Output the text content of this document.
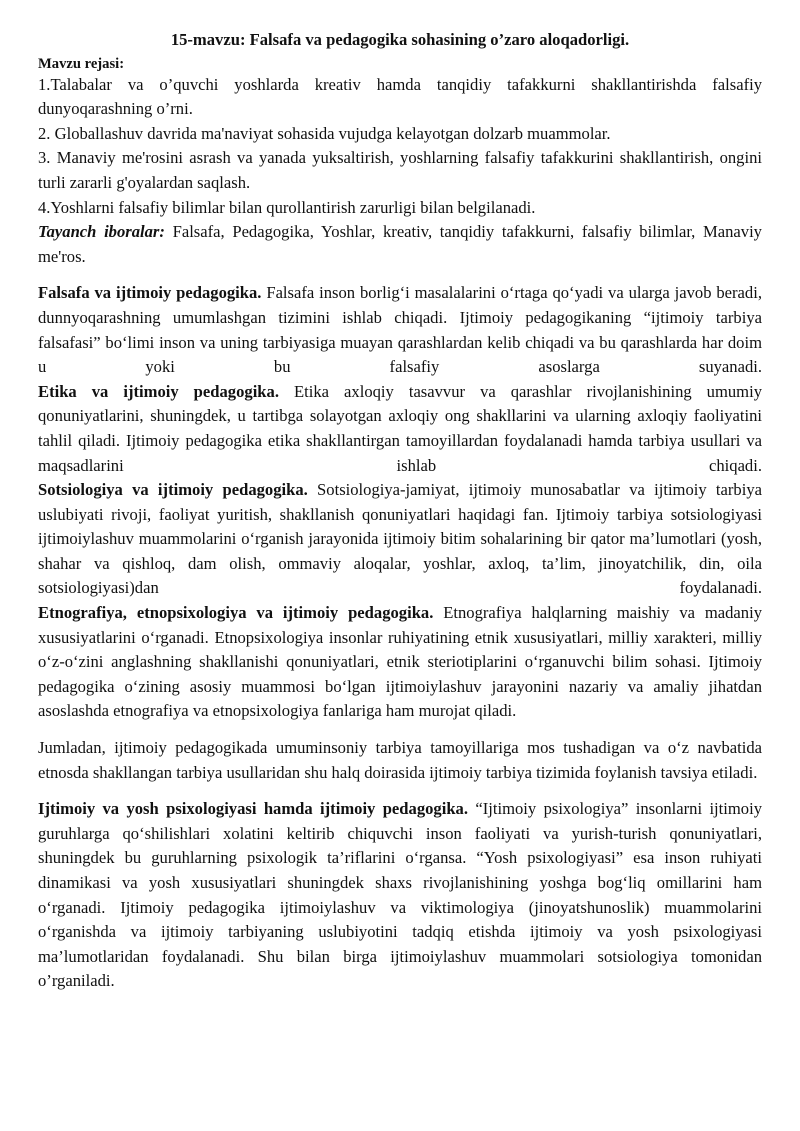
15-mavzu: Falsafa va pedagogika sohasining o’zaro aloqadorligi.

Mavzu rejasi:

1.Talabalar va o’quvchi yoshlarda kreativ hamda tanqidiy tafakkurni shakllantirishda falsafiy dunyoqarashning o’rni.

2. Globallashuv davrida ma'naviyat sohasida vujudga kelayotgan dolzarb muammolar.

3. Manaviy me'rosini asrash va yanada yuksaltirish, yoshlarning falsafiy tafakkurini shakllantirish, ongini turli zararli g'oyalardan saqlash.

4.Yoshlarni falsafiy bilimlar bilan qurollantirish zarurligi bilan belgilanadi.

Tayanch iboralar: Falsafa, Pedagogika, Yoshlar, kreativ, tanqidiy tafakkurni, falsafiy bilimlar, Manaviy me'ros.

Falsafa va ijtimoiy pedagogika. Falsafa inson borlig‘i masalalarini o‘rtaga qo‘yadi va ularga javob beradi, dunnyoqarashning umumlashgan tizimini ishlab chiqadi. Ijtimoiy pedagogikaning “ijtimoiy tarbiya falsafasi” bo‘limi inson va uning tarbiyasiga muayan qarashlardan kelib chiqadi va bu qarashlarda har doim u yoki bu falsafiy asoslarga suyanadi.

Etika va ijtimoiy pedagogika. Etika axloqiy tasavvur va qarashlar rivojlanishining umumiy qonuniyatlarini, shuningdek, u tartibga solayotgan axloqiy ong shakllarini va ularning axloqiy faoliyatini tahlil qiladi. Ijtimoiy pedagogika etika shakllantirgan tamoyillardan foydalanadi hamda tarbiya usullari va maqsadlarini ishlab chiqadi.

Sotsiologiya va ijtimoiy pedagogika. Sotsiologiya-jamiyat, ijtimoiy munosabatlar va ijtimoiy tarbiya uslubiyati rivoji, faoliyat yuritish, shakllanish qonuniyatlari haqidagi fan. Ijtimoiy tarbiya sotsiologiyasi ijtimoiylashuv muammolarini o‘rganish jarayonida ijtimoiy bitim sohalarining bir qator ma’lumotlari (yosh, shahar va qishloq, dam olish, ommaviy aloqalar, yoshlar, axloq, ta’lim, jinoyatchilik, din, oila sotsiologiyasi)dan foydalanadi.

Etnografiya, etnopsixologiya va ijtimoiy pedagogika. Etnografiya halqlarning maishiy va madaniy xususiyatlarini o‘rganadi. Etnopsixologiya insonlar ruhiyatining etnik xususiyatlari, milliy xarakteri, milliy o‘z-o‘zini anglashning shakllanishi qonuniyatlari, etnik steriotiplarini o‘rganuvchi bilim sohasi. Ijtimoiy pedagogika o‘zining asosiy muammosi bo‘lgan ijtimoiylashuv jarayonini nazariy va amaliy jihatdan asoslashda etnografiya va etnopsixologiya fanlariga ham murojat qiladi.

Jumladan, ijtimoiy pedagogikada umuminsoniy tarbiya tamoyillariga mos tushadigan va o‘z navbatida etnosda shakllangan tarbiya usullaridan shu halq doirasida ijtimoiy tarbiya tizimida foylanish tavsiya etiladi.

Ijtimoiy va yosh psixologiyasi hamda ijtimoiy pedagogika. “Ijtimoiy psixologiya” insonlarni ijtimoiy guruhlarga qo‘shilishlari xolatini keltirib chiquvchi inson faoliyati va yurish-turish qonuniyatlari, shuningdek bu guruhlarning psixologik ta’riflarini o‘rgansa. “Yosh psixologiyasi” esa inson ruhiyati dinamikasi va yosh xususiyatlari shuningdek shaxs rivojlanishining yoshga bog‘liq omillarini ham o‘rganadi. Ijtimoiy pedagogika ijtimoiylashuv va viktimologiya (jinoyatshunoslik) muammolarini o‘rganishda va ijtimoiy tarbiyaning uslubiyotini tadqiq etishda ijtimoiy va yosh psixologiyasi ma’lumotlaridan foydalanadi. Shu bilan birga ijtimoiylashuv muammolari sotsiologiya tomonidan o’rganiladi.
